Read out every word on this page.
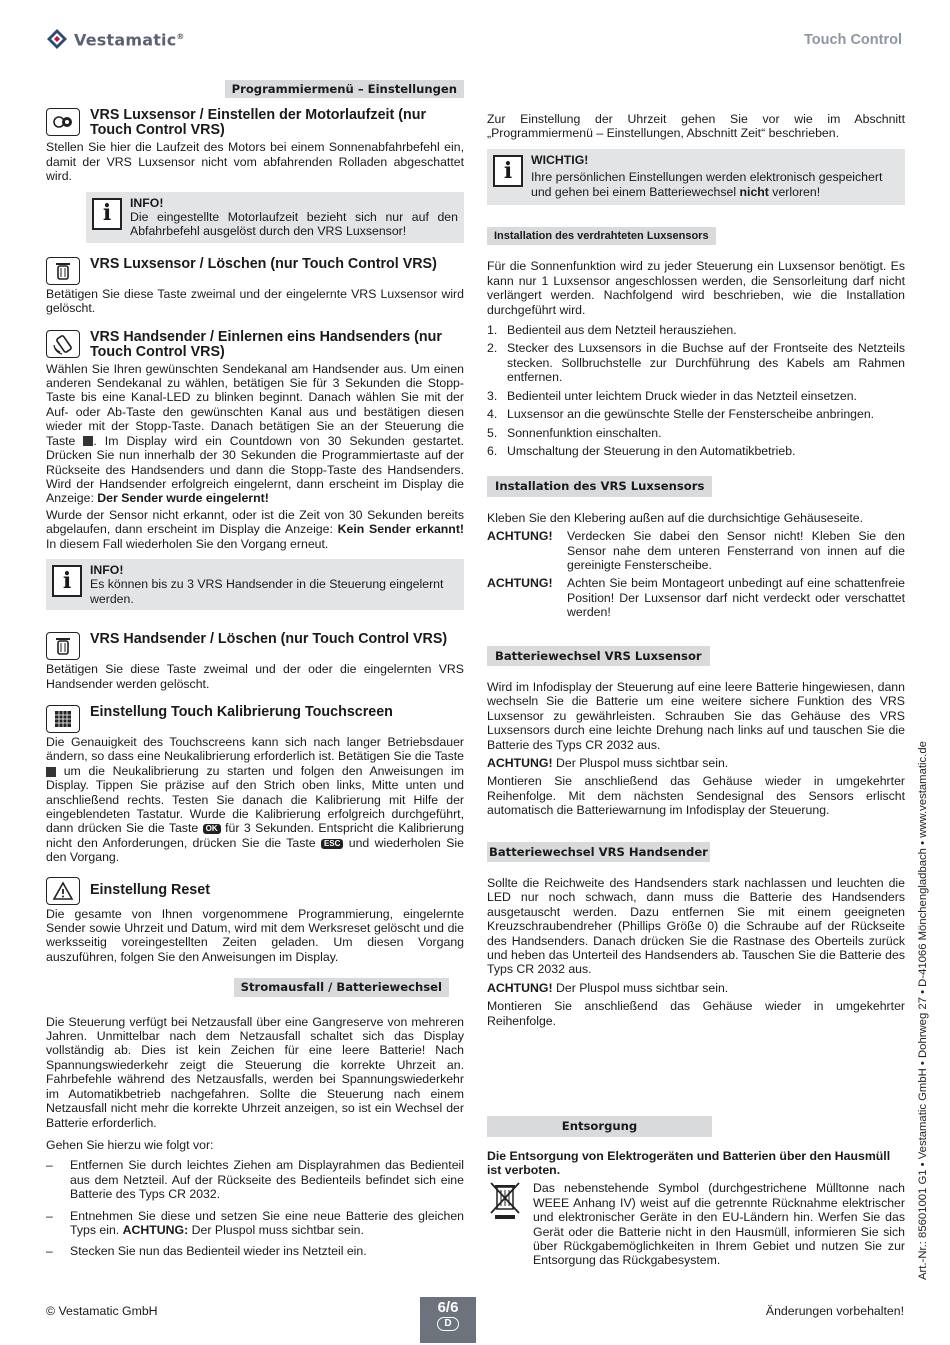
Vestamatic®	Touch Control
Programmiermenü – Einstellungen
VRS Luxsensor / Einstellen der Motorlaufzeit (nur Touch Control VRS)

Stellen Sie hier die Laufzeit des Motors bei einem Sonnenabfahrbefehl ein, damit der VRS Luxsensor nicht vom abfahrenden Rolladen abgeschattet wird.

i	INFO!

Die eingestellte Motorlaufzeit bezieht sich nur auf den Abfahrbefehl ausgelöst durch den VRS Luxsensor!

VRS Luxsensor / Löschen (nur Touch Control VRS)

Betätigen Sie diese Taste zweimal und der eingelernte VRS Luxsensor wird gelöscht.

VRS Handsender / Einlernen eins Handsenders (nur Touch Control VRS)

Wählen Sie Ihren gewünschten Sendekanal am Handsender aus. Um einen anderen Sendekanal zu wählen, betätigen Sie für 3 Sekunden die Stopp-Taste bis eine Kanal-LED zu blinken beginnt. Danach wählen Sie mit der Auf- oder Ab-Taste den gewünschten Kanal aus und bestätigen diesen wieder mit der Stopp-Taste. Danach betätigen Sie an der Steuerung die Taste . Im Display wird ein Countdown von 30 Sekunden gestartet. Drücken Sie nun innerhalb der 30 Sekunden die Programmiertaste auf der Rückseite des Handsenders und dann die Stopp-Taste des Handsenders. Wird der Handsender erfolgreich eingelernt, dann erscheint im Display die Anzeige: Der Sender wurde eingelernt!

Wurde der Sensor nicht erkannt, oder ist die Zeit von 30 Sekunden bereits abgelaufen, dann erscheint im Display die Anzeige: Kein Sender erkannt! In diesem Fall wiederholen Sie den Vorgang erneut.

i	INFO!

Es können bis zu 3 VRS Handsender in die Steuerung eingelernt werden.

VRS Handsender / Löschen (nur Touch Control VRS)

Betätigen Sie diese Taste zweimal und der oder die eingelernten VRS Handsender werden gelöscht.

Einstellung Touch Kalibrierung Touchscreen

Die Genauigkeit des Touchscreens kann sich nach langer Betriebsdauer ändern, so dass eine Neukalibrierung erforderlich ist. Betätigen Sie die Taste  um die Neukalibrierung zu starten und folgen den Anweisungen im Display. Tippen Sie präzise auf den Strich oben links, Mitte unten und anschließend rechts. Testen Sie danach die Kalibrierung mit Hilfe der eingeblendeten Tastatur. Wurde die Kalibrierung erfolgreich durchgeführt, dann drücken Sie die Taste OK für 3 Sekunden. Entspricht die Kalibrierung nicht den Anforderungen, drücken Sie die Taste ESC und wiederholen Sie den Vorgang.

Einstellung Reset

Die gesamte von Ihnen vorgenommene Programmierung, eingelernte Sender sowie Uhrzeit und Datum, wird mit dem Werksreset gelöscht und die werksseitig voreingestellten Zeiten geladen. Um diesen Vorgang auszuführen, folgen Sie den Anweisungen im Display.

Stromausfall / Batteriewechsel

Die Steuerung verfügt bei Netzausfall über eine Gangreserve von mehreren Jahren. Unmittelbar nach dem Netzausfall schaltet sich das Display vollständig ab. Dies ist kein Zeichen für eine leere Batterie! Nach Spannungswiederkehr zeigt die Steuerung die korrekte Uhrzeit an. Fahrbefehle während des Netzausfalls, werden bei Spannungswiederkehr im Automatikbetrieb nachgefahren. Sollte die Steuerung nach einem Netzausfall nicht mehr die korrekte Uhrzeit anzeigen, so ist ein Wechsel der Batterie erforderlich.

Gehen Sie hierzu wie folgt vor:

–	Entfernen Sie durch leichtes Ziehen am Displayrahmen das Bedienteil aus dem Netzteil. Auf der Rückseite des Bedienteils befindet sich eine Batterie des Typs CR 2032.
–	Entnehmen Sie diese und setzen Sie eine neue Batterie des gleichen Typs ein. ACHTUNG: Der Pluspol muss sichtbar sein.
–	Stecken Sie nun das Bedienteil wieder ins Netzteil ein.

Zur Einstellung der Uhrzeit gehen Sie vor wie im Abschnitt „Programmiermenü – Einstellungen, Abschnitt Zeit“ beschrieben.

i	WICHTIG!

Ihre persönlichen Einstellungen werden elektronisch gespeichert und gehen bei einem Batteriewechsel nicht verloren!

Installation des verdrahteten Luxsensors

Für die Sonnenfunktion wird zu jeder Steuerung ein Luxsensor benötigt. Es kann nur 1 Luxsensor angeschlossen werden, die Sensorleitung darf nicht verlängert werden. Nachfolgend wird beschrieben, wie die Installation durchgeführt wird.

1. Bedienteil aus dem Netzteil herausziehen.
2. Stecker des Luxsensors in die Buchse auf der Frontseite des Netzteils stecken. Sollbruchstelle zur Durchführung des Kabels am Rahmen entfernen.
3. Bedienteil unter leichtem Druck wieder in das Netzteil einsetzen.
4. Luxsensor an die gewünschte Stelle der Fensterscheibe anbringen.
5. Sonnenfunktion einschalten.
6. Umschaltung der Steuerung in den Automatikbetrieb.
Installation des VRS Luxsensors

Kleben Sie den Klebering außen auf die durchsichtige Gehäuseseite.

ACHTUNG!	Verdecken Sie dabei den Sensor nicht! Kleben Sie den Sensor nahe dem unteren Fensterrand von innen auf die gereinigte Fensterscheibe.
ACHTUNG!	Achten Sie beim Montageort unbedingt auf eine schattenfreie Position! Der Luxsensor darf nicht verdeckt oder verschattet werden!
Batteriewechsel VRS Luxsensor

Wird im Infodisplay der Steuerung auf eine leere Batterie hingewiesen, dann wechseln Sie die Batterie um eine weitere sichere Funktion des VRS Luxsensor zu gewährleisten. Schrauben Sie das Gehäuse des VRS Luxsensors durch eine leichte Drehung nach links auf und tauschen Sie die Batterie des Typs CR 2032 aus.

ACHTUNG! Der Pluspol muss sichtbar sein.

Montieren Sie anschließend das Gehäuse wieder in umgekehrter Reihenfolge. Mit dem nächsten Sendesignal des Sensors erlischt automatisch die Batteriewarnung im Infodisplay der Steuerung.

Batteriewechsel VRS Handsender

Sollte die Reichweite des Handsenders stark nachlassen und leuchten die LED nur noch schwach, dann muss die Batterie des Handsenders ausgetauscht werden. Dazu entfernen Sie mit einem geeigneten Kreuzschraubendreher (Phillips Größe 0) die Schraube auf der Rückseite des Handsenders. Danach drücken Sie die Rastnase des Oberteils zurück und heben das Unterteil des Handsenders ab. Tauschen Sie die Batterie des Typs CR 2032 aus.

ACHTUNG! Der Pluspol muss sichtbar sein.

Montieren Sie anschließend das Gehäuse wieder in umgekehrter Reihenfolge.

Entsorgung

Die Entsorgung von Elektrogeräten und Batterien über den Hausmüll ist verboten.

Das nebenstehende Symbol (durchgestrichene Mülltonne nach WEEE Anhang IV) weist auf die getrennte Rücknahme elektrischer und elektronischer Geräte in den EU-Ländern hin. Werfen Sie das Gerät oder die Batterie nicht in den Hausmüll, informieren Sie sich über Rückgabemöglichkeiten in Ihrem Gebiet und nutzen Sie zur Entsorgung das Rückgabesystem.	Art.-Nr.: 85601001 G1 • Vestamatic GmbH • Dohrweg 27 • D-41066 Mönchengladbach • www.vestamatic.de
© Vestamatic GmbH	6/6
D
Änderungen vorbehalten!
